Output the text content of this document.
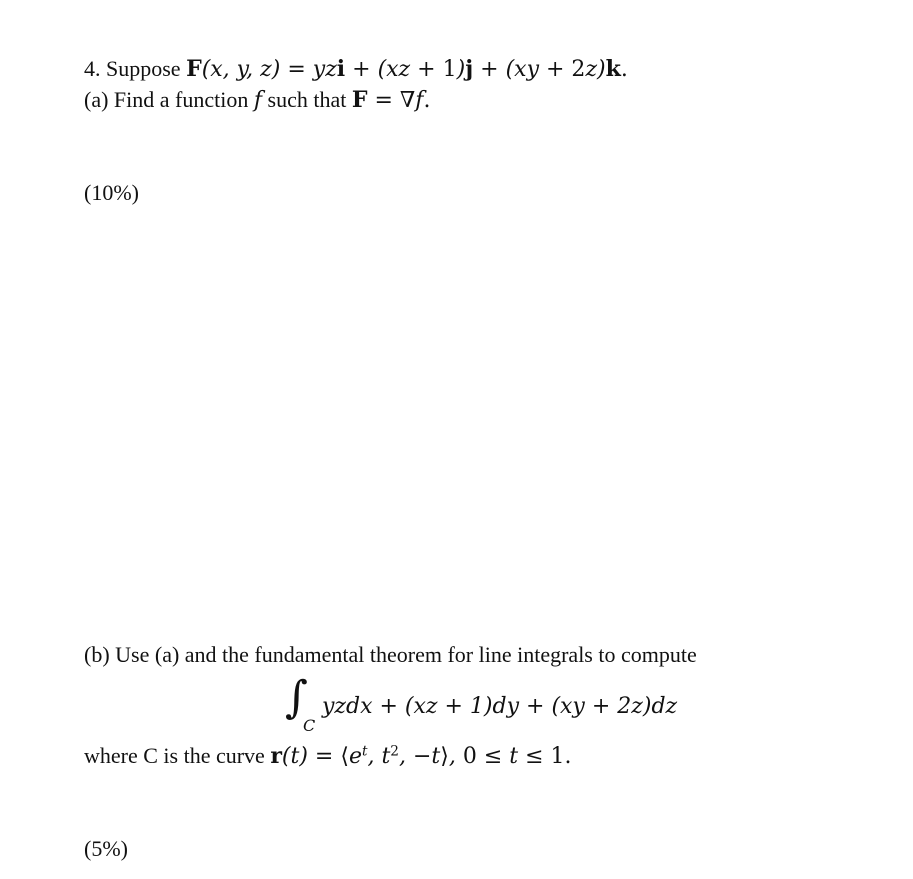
4. Suppose F(x, y, z) = yzi + (xz + 1)j + (xy + 2z)k.
(a) Find a function f such that F = ∇f.
(10%)
(b) Use (a) and the fundamental theorem for line integrals to compute
∫
C
yzdx + (xz + 1)dy + (xy + 2z)dz
where C is the curve $r(t) = ⟨e^t$, $t^2$, −t⟩, 0 ≤ t ≤ 1.
(5%)
